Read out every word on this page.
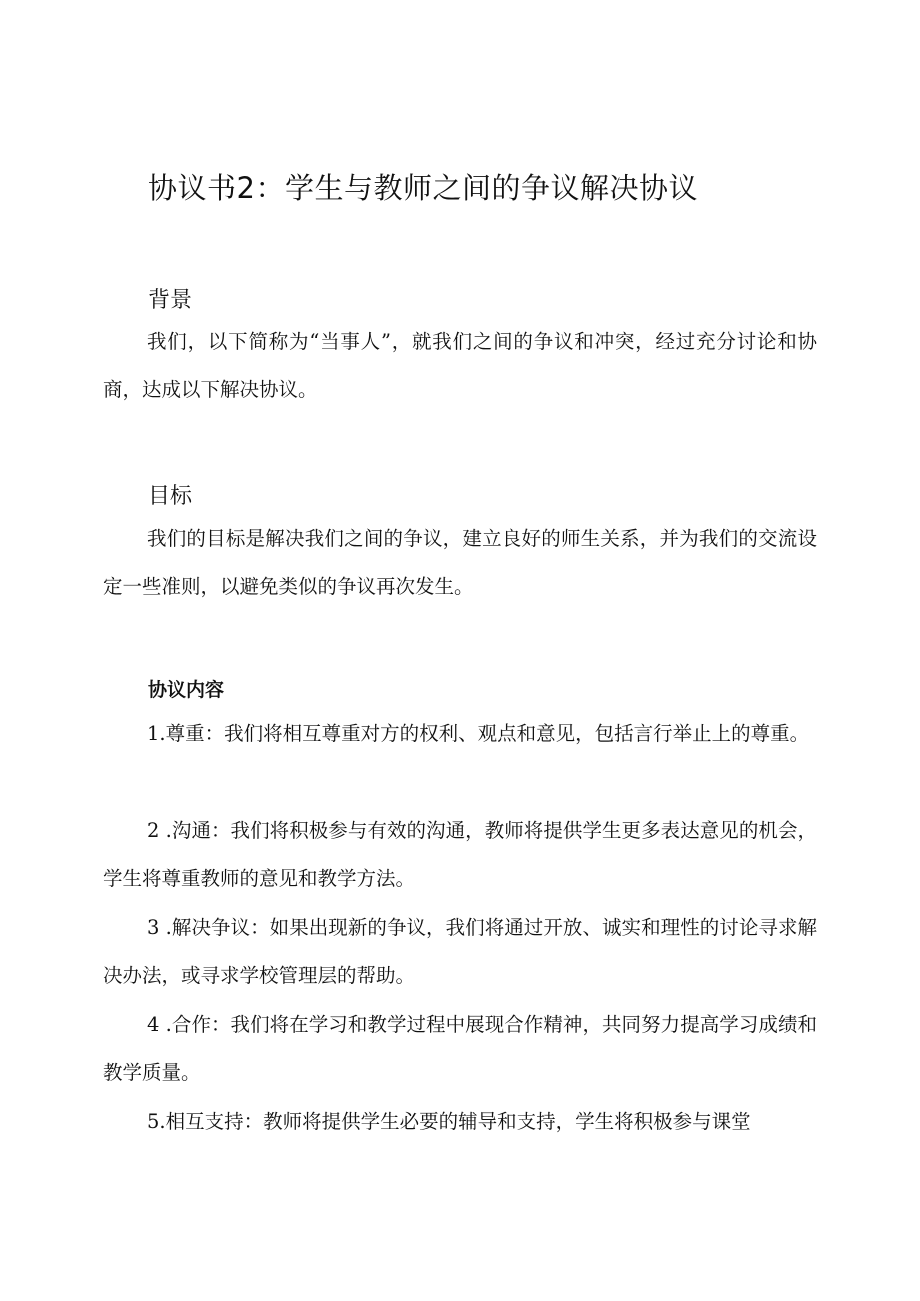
协议书2：学生与教师之间的争议解决协议
背景

我们，以下简称为“当事人”，就我们之间的争议和冲突，经过充分讨论和协商，达成以下解决协议。

目标

我们的目标是解决我们之间的争议，建立良好的师生关系，并为我们的交流设定一些准则，以避免类似的争议再次发生。

协议内容

1.尊重：我们将相互尊重对方的权利、观点和意见，包括言行举止上的尊重。

2 .沟通：我们将积极参与有效的沟通，教师将提供学生更多表达意见的机会，学生将尊重教师的意见和教学方法。

3 .解决争议：如果出现新的争议，我们将通过开放、诚实和理性的讨论寻求解决办法，或寻求学校管理层的帮助。

4 .合作：我们将在学习和教学过程中展现合作精神，共同努力提高学习成绩和教学质量。

5.相互支持：教师将提供学生必要的辅导和支持，学生将积极参与课堂
